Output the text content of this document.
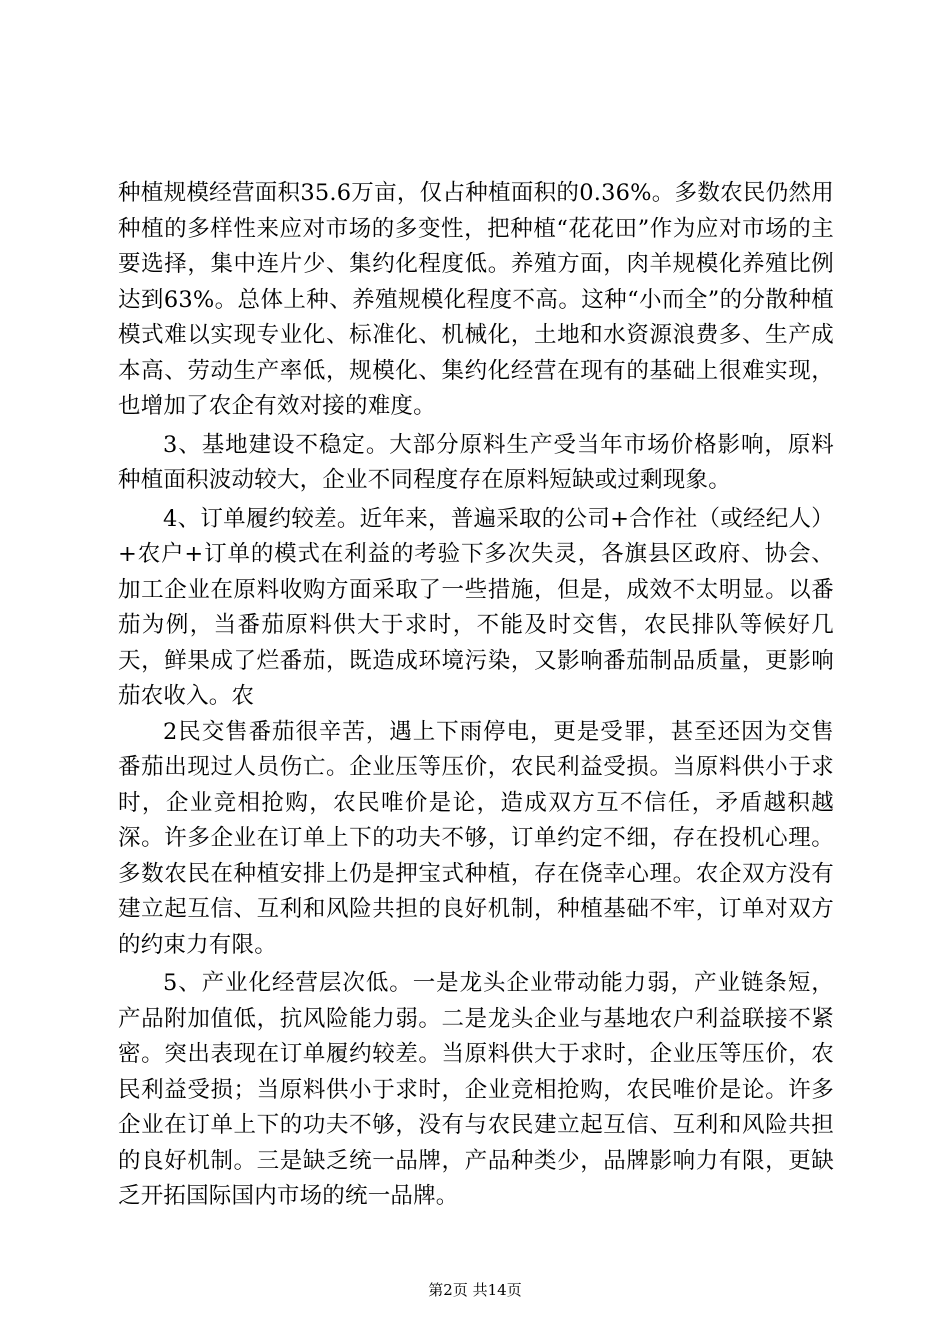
种植规模经营面积35.6万亩，仅占种植面积的0.36%。多数农民仍然用种植的多样性来应对市场的多变性，把种植“花花田”作为应对市场的主要选择，集中连片少、集约化程度低。养殖方面，肉羊规模化养殖比例达到63%。总体上种、养殖规模化程度不高。这种“小而全”的分散种植模式难以实现专业化、标准化、机械化，土地和水资源浪费多、生产成本高、劳动生产率低，规模化、集约化经营在现有的基础上很难实现，也增加了农企有效对接的难度。

3、基地建设不稳定。大部分原料生产受当年市场价格影响，原料种植面积波动较大，企业不同程度存在原料短缺或过剩现象。

4、订单履约较差。近年来，普遍采取的公司+合作社（或经纪人）+农户+订单的模式在利益的考验下多次失灵，各旗县区政府、协会、加工企业在原料收购方面采取了一些措施，但是，成效不太明显。以番茄为例，当番茄原料供大于求时，不能及时交售，农民排队等候好几天，鲜果成了烂番茄，既造成环境污染，又影响番茄制品质量，更影响茄农收入。农

2民交售番茄很辛苦，遇上下雨停电，更是受罪，甚至还因为交售番茄出现过人员伤亡。企业压等压价，农民利益受损。当原料供小于求时，企业竞相抢购，农民唯价是论，造成双方互不信任，矛盾越积越深。许多企业在订单上下的功夫不够，订单约定不细，存在投机心理。多数农民在种植安排上仍是押宝式种植，存在侥幸心理。农企双方没有建立起互信、互利和风险共担的良好机制，种植基础不牢，订单对双方的约束力有限。

5、产业化经营层次低。一是龙头企业带动能力弱，产业链条短，产品附加值低，抗风险能力弱。二是龙头企业与基地农户利益联接不紧密。突出表现在订单履约较差。当原料供大于求时，企业压等压价，农民利益受损；当原料供小于求时，企业竞相抢购，农民唯价是论。许多企业在订单上下的功夫不够，没有与农民建立起互信、互利和风险共担的良好机制。三是缺乏统一品牌，产品种类少，品牌影响力有限，更缺乏开拓国际国内市场的统一品牌。

第2页 共14页
